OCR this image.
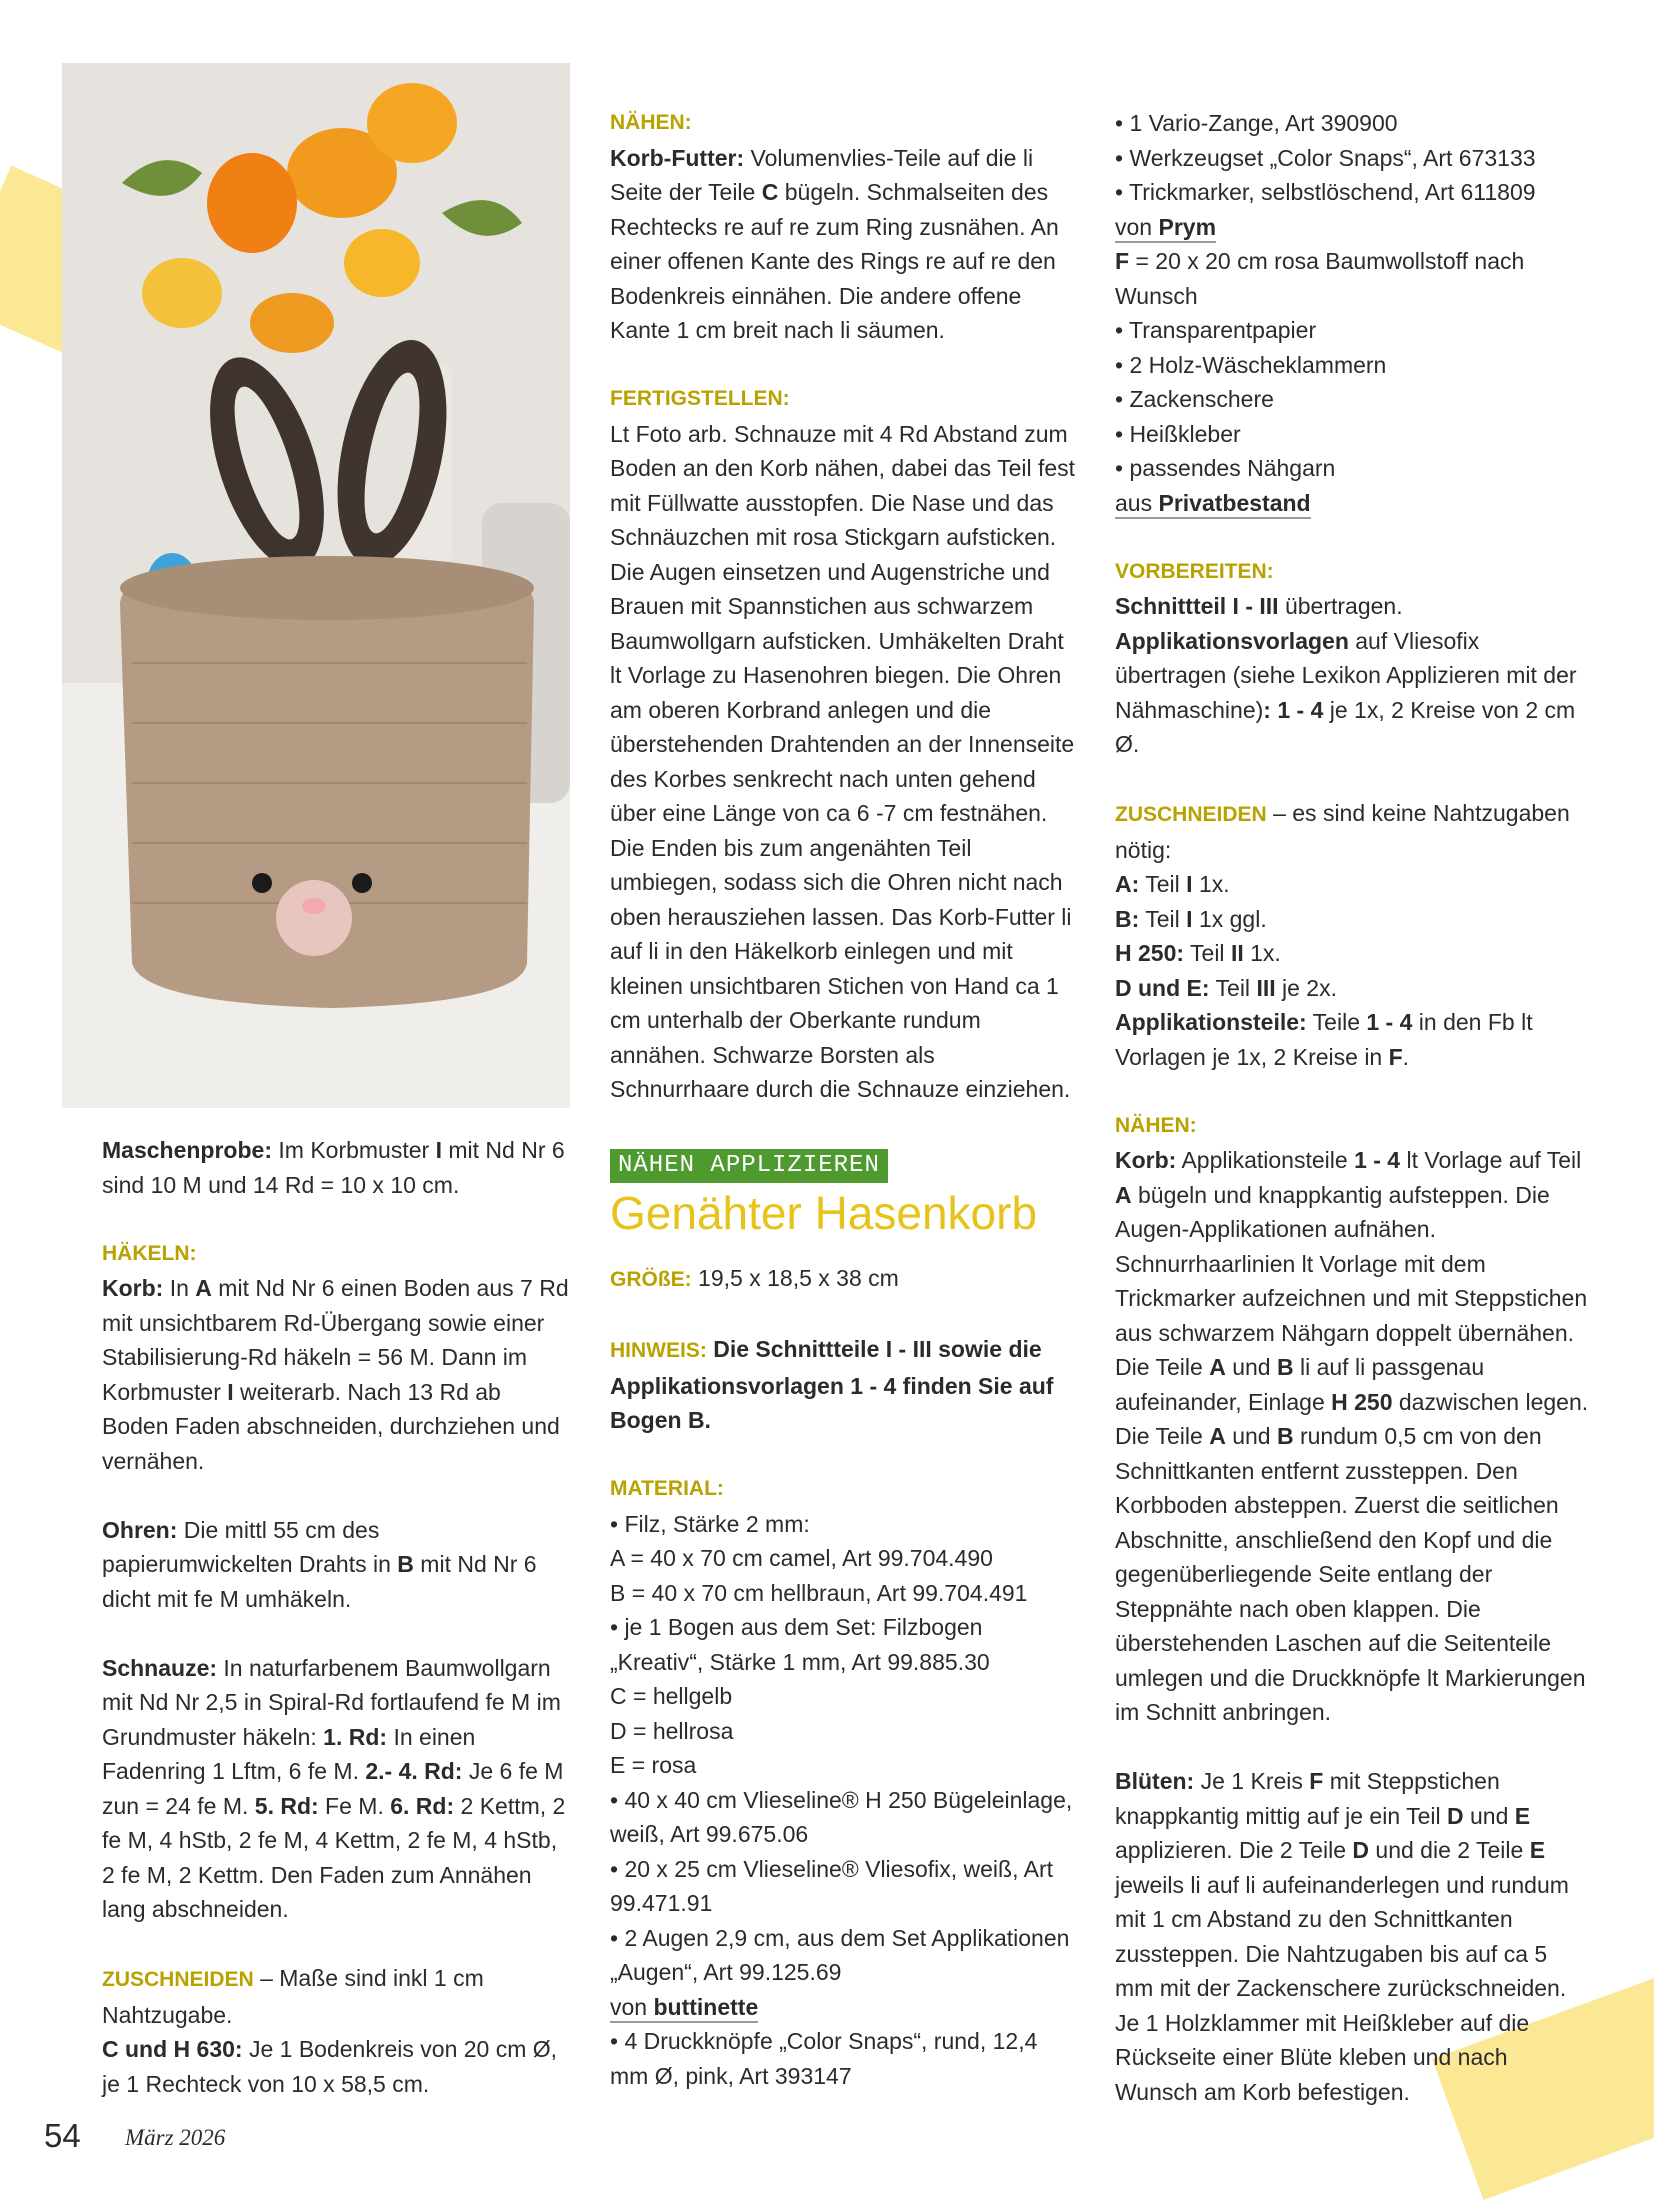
Maschenprobe: Im Korbmuster I mit Nd Nr 6 sind 10 M und 14 Rd = 10 x 10 cm.

HÄKELN:

Korb: In A mit Nd Nr 6 einen Boden aus 7 Rd mit unsichtbarem Rd-Übergang sowie einer Stabilisierung-Rd häkeln = 56 M. Dann im Korbmuster I weiterarb. Nach 13 Rd ab Boden Faden abschneiden, durchziehen und vernähen.

Ohren: Die mittl 55 cm des papierumwickelten Drahts in B mit Nd Nr 6 dicht mit fe M umhäkeln.

Schnauze: In naturfarbenem Baumwollgarn mit Nd Nr 2,5 in Spiral-Rd fortlaufend fe M im Grundmuster häkeln: 1. Rd: In einen Fadenring 1 Lftm, 6 fe M. 2.- 4. Rd: Je 6 fe M zun = 24 fe M. 5. Rd: Fe M. 6. Rd: 2 Kettm, 2 fe M, 4 hStb, 2 fe M, 4 Kettm, 2 fe M, 4 hStb, 2 fe M, 2 Kettm. Den Faden zum Annähen lang abschneiden.

ZUSCHNEIDEN – Maße sind inkl 1 cm Nahtzugabe.

C und H 630: Je 1 Bodenkreis von 20 cm Ø, je 1 Rechteck von 10 x 58,5 cm.

NÄHEN:

Korb-Futter: Volumenvlies-Teile auf die li Seite der Teile C bügeln. Schmalseiten des Rechtecks re auf re zum Ring zusnähen. An einer offenen Kante des Rings re auf re den Bodenkreis einnähen. Die andere offene Kante 1 cm breit nach li säumen.

FERTIGSTELLEN:

Lt Foto arb. Schnauze mit 4 Rd Abstand zum Boden an den Korb nähen, dabei das Teil fest mit Füllwatte ausstopfen. Die Nase und das Schnäuzchen mit rosa Stickgarn aufsticken. Die Augen einsetzen und Augenstriche und Brauen mit Spannstichen aus schwarzem Baumwollgarn aufsticken. Umhäkelten Draht lt Vorlage zu Hasenohren biegen. Die Ohren am oberen Korbrand anlegen und die überstehenden Drahtenden an der Innenseite des Korbes senkrecht nach unten gehend über eine Länge von ca 6 -7 cm festnähen. Die Enden bis zum angenähten Teil umbiegen, sodass sich die Ohren nicht nach oben herausziehen lassen. Das Korb-Futter li auf li in den Häkelkorb einlegen und mit kleinen unsichtbaren Stichen von Hand ca 1 cm unterhalb der Oberkante rundum annähen. Schwarze Borsten als Schnurrhaare durch die Schnauze einziehen.

NÄHEN APPLIZIEREN
Genähter Hasenkorb

GRÖßE: 19,5 x 18,5 x 38 cm

HINWEIS: Die Schnittteile I - III sowie die Applikationsvorlagen 1 - 4 finden Sie auf Bogen B.

MATERIAL:
• Filz, Stärke 2 mm:
A = 40 x 70 cm camel, Art 99.704.490
B = 40 x 70 cm hellbraun, Art 99.704.491
• je 1 Bogen aus dem Set: Filzbogen „Kreativ“, Stärke 1 mm, Art 99.885.30
C = hellgelb
D = hellrosa
E = rosa
• 40 x 40 cm Vlieseline® H 250 Bügeleinlage, weiß, Art 99.675.06
• 20 x 25 cm Vlieseline® Vliesofix, weiß, Art 99.471.91
• 2 Augen 2,9 cm, aus dem Set Applikationen „Augen“, Art 99.125.69
von buttinette
• 4 Druckknöpfe „Color Snaps“, rund, 12,4 mm Ø, pink, Art 393147
• 1 Vario-Zange, Art 390900
• Werkzeugset „Color Snaps“, Art 673133
• Trickmarker, selbstlöschend, Art 611809
von Prym
F = 20 x 20 cm rosa Baumwollstoff nach Wunsch
• Transparentpapier
• 2 Holz-Wäscheklammern
• Zackenschere
• Heißkleber
• passendes Nähgarn

aus Privatbestand

VORBEREITEN:
Schnittteil I - III übertragen.

Applikationsvorlagen auf Vliesofix übertragen (siehe Lexikon Applizieren mit der Nähmaschine): 1 - 4 je 1x, 2 Kreise von 2 cm Ø.

ZUSCHNEIDEN – es sind keine Nahtzugaben nötig:
A: Teil I 1x.
B: Teil I 1x ggl.
H 250: Teil II 1x.
D und E: Teil III je 2x.

Applikationsteile: Teile 1 - 4 in den Fb lt Vorlagen je 1x, 2 Kreise in F.

NÄHEN:

Korb: Applikationsteile 1 - 4 lt Vorlage auf Teil A bügeln und knappkantig aufsteppen. Die Augen-Applikationen aufnähen. Schnurrhaarlinien lt Vorlage mit dem Trickmarker aufzeichnen und mit Steppstichen aus schwarzem Nähgarn doppelt übernähen. Die Teile A und B li auf li passgenau aufeinander, Einlage H 250 dazwischen legen. Die Teile A und B rundum 0,5 cm von den Schnittkanten entfernt zussteppen. Den Korbboden absteppen. Zuerst die seitlichen Abschnitte, anschließend den Kopf und die gegenüberliegende Seite entlang der Steppnähte nach oben klappen. Die überstehenden Laschen auf die Seitenteile umlegen und die Druckknöpfe lt Markierungen im Schnitt anbringen.

Blüten: Je 1 Kreis F mit Steppstichen knappkantig mittig auf je ein Teil D und E applizieren. Die 2 Teile D und die 2 Teile E jeweils li auf li aufeinanderlegen und rundum mit 1 cm Abstand zu den Schnittkanten zussteppen. Die Nahtzugaben bis auf ca 5 mm mit der Zackenschere zurückschneiden. Je 1 Holzklammer mit Heißkleber auf die Rückseite einer Blüte kleben und nach Wunsch am Korb befestigen.

54 März 2026
